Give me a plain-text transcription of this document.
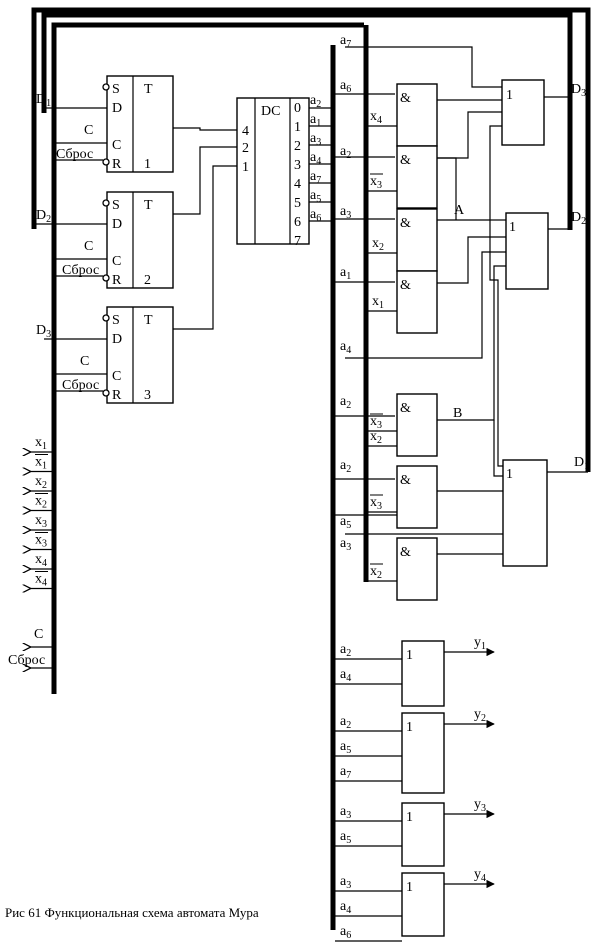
S
D
C
R
T
1
$D_1$
C
Сброс
S
D
C
R
T
2
$D_2$
C
Сброс
S
D
C
R
T
3
$D_3$
C
Сброс
DC
4
2
1
0
1
2
3
4
5
6
7
$a_2$
$a_1$
$a_3$
$a_4$
$a_7$
$a_5$
$a_6$
$a_7$
$a_6$
$a_2$
$a_3$
$a_1$
$a_4$
$a_2$
$a_2$
$a_5$
$a_3$
&
&
&
&
&
&
&
$x_4$
$x_3$
$x_2$
$x_1$
$x_3$
$x_2$
$x_3$
$x_2$
1
1
1
$D_3$
$D_2$
$D_1$
A
B
1
$a_2$
$a_4$
$y_1$
1
$a_2$
$a_5$
$a_7$
$y_2$
1
$a_3$
$a_5$
$y_3$
1
$a_3$
$a_4$
$a_6$
$y_4$
$x_1$
$x_1$
$x_2$
$x_2$
$x_3$
$x_3$
$x_4$
$x_4$
C
Сброс
Рис 61 Функциональная схема автомата Мура
